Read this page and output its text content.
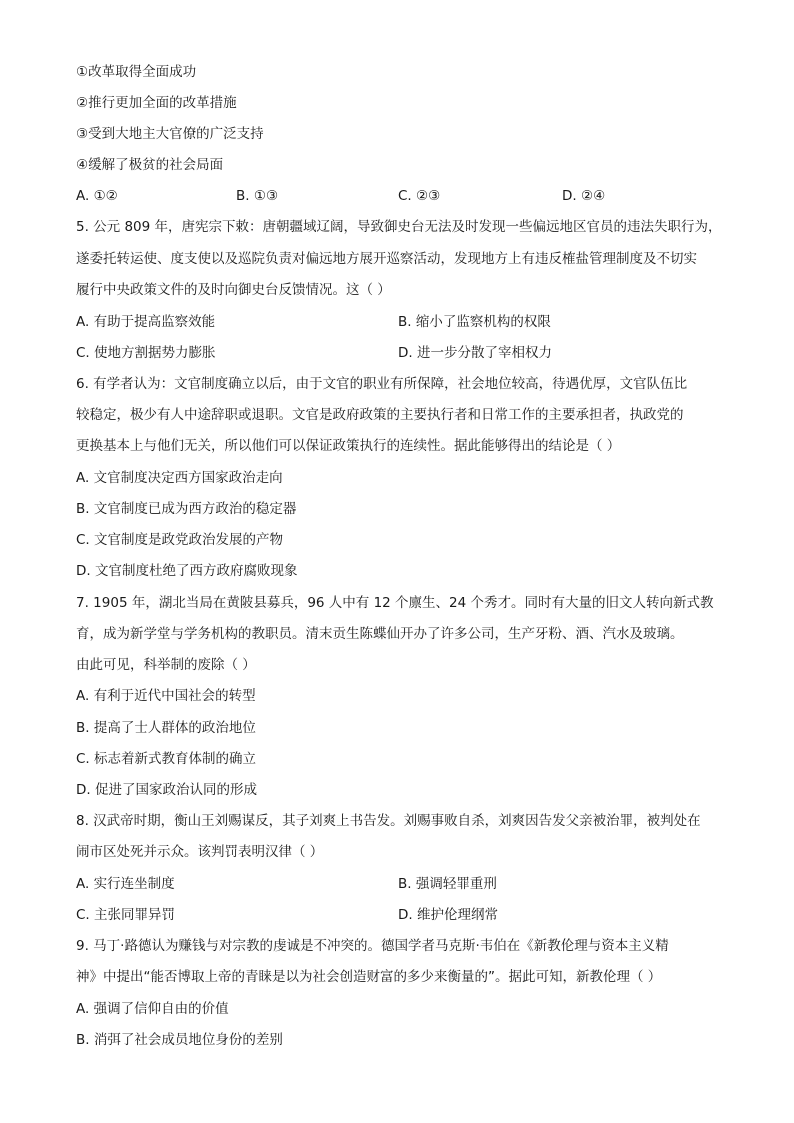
①改革取得全面成功
②推行更加全面的改革措施
③受到大地主大官僚的广泛支持
④缓解了极贫的社会局面
A. ①②	B. ①③	C. ②③	D. ②④
5. 公元 809 年，唐宪宗下敕：唐朝疆域辽阔，导致御史台无法及时发现一些偏远地区官员的违法失职行为，
遂委托转运使、度支使以及巡院负责对偏远地方展开巡察活动，发现地方上有违反榷盐管理制度及不切实
履行中央政策文件的及时向御史台反馈情况。这（ ）
A. 有助于提高监察效能	B. 缩小了监察机构的权限
C. 使地方割据势力膨胀	D. 进一步分散了宰相权力
6. 有学者认为：文官制度确立以后，由于文官的职业有所保障，社会地位较高，待遇优厚，文官队伍比
较稳定，极少有人中途辞职或退职。文官是政府政策的主要执行者和日常工作的主要承担者，执政党的
更换基本上与他们无关，所以他们可以保证政策执行的连续性。据此能够得出的结论是（ ）
A. 文官制度决定西方国家政治走向
B. 文官制度已成为西方政治的稳定器
C. 文官制度是政党政治发展的产物
D. 文官制度杜绝了西方政府腐败现象
7. 1905 年，湖北当局在黄陂县募兵，96 人中有 12 个廪生、24 个秀才。同时有大量的旧文人转向新式教
育，成为新学堂与学务机构的教职员。清末贡生陈蝶仙开办了许多公司，生产牙粉、酒、汽水及玻璃。
由此可见，科举制的废除（ ）
A. 有利于近代中国社会的转型
B. 提高了士人群体的政治地位
C. 标志着新式教育体制的确立
D. 促进了国家政治认同的形成
8. 汉武帝时期，衡山王刘赐谋反，其子刘爽上书告发。刘赐事败自杀，刘爽因告发父亲被治罪，被判处在
闹市区处死并示众。该判罚表明汉律（ ）
A. 实行连坐制度	B. 强调轻罪重刑
C. 主张同罪异罚	D. 维护伦理纲常
9. 马丁·路德认为赚钱与对宗教的虔诚是不冲突的。德国学者马克斯·韦伯在《新教伦理与资本主义精
神》中提出“能否博取上帝的青睐是以为社会创造财富的多少来衡量的”。据此可知，新教伦理（ ）
A. 强调了信仰自由的价值
B. 消弭了社会成员地位身份的差别
